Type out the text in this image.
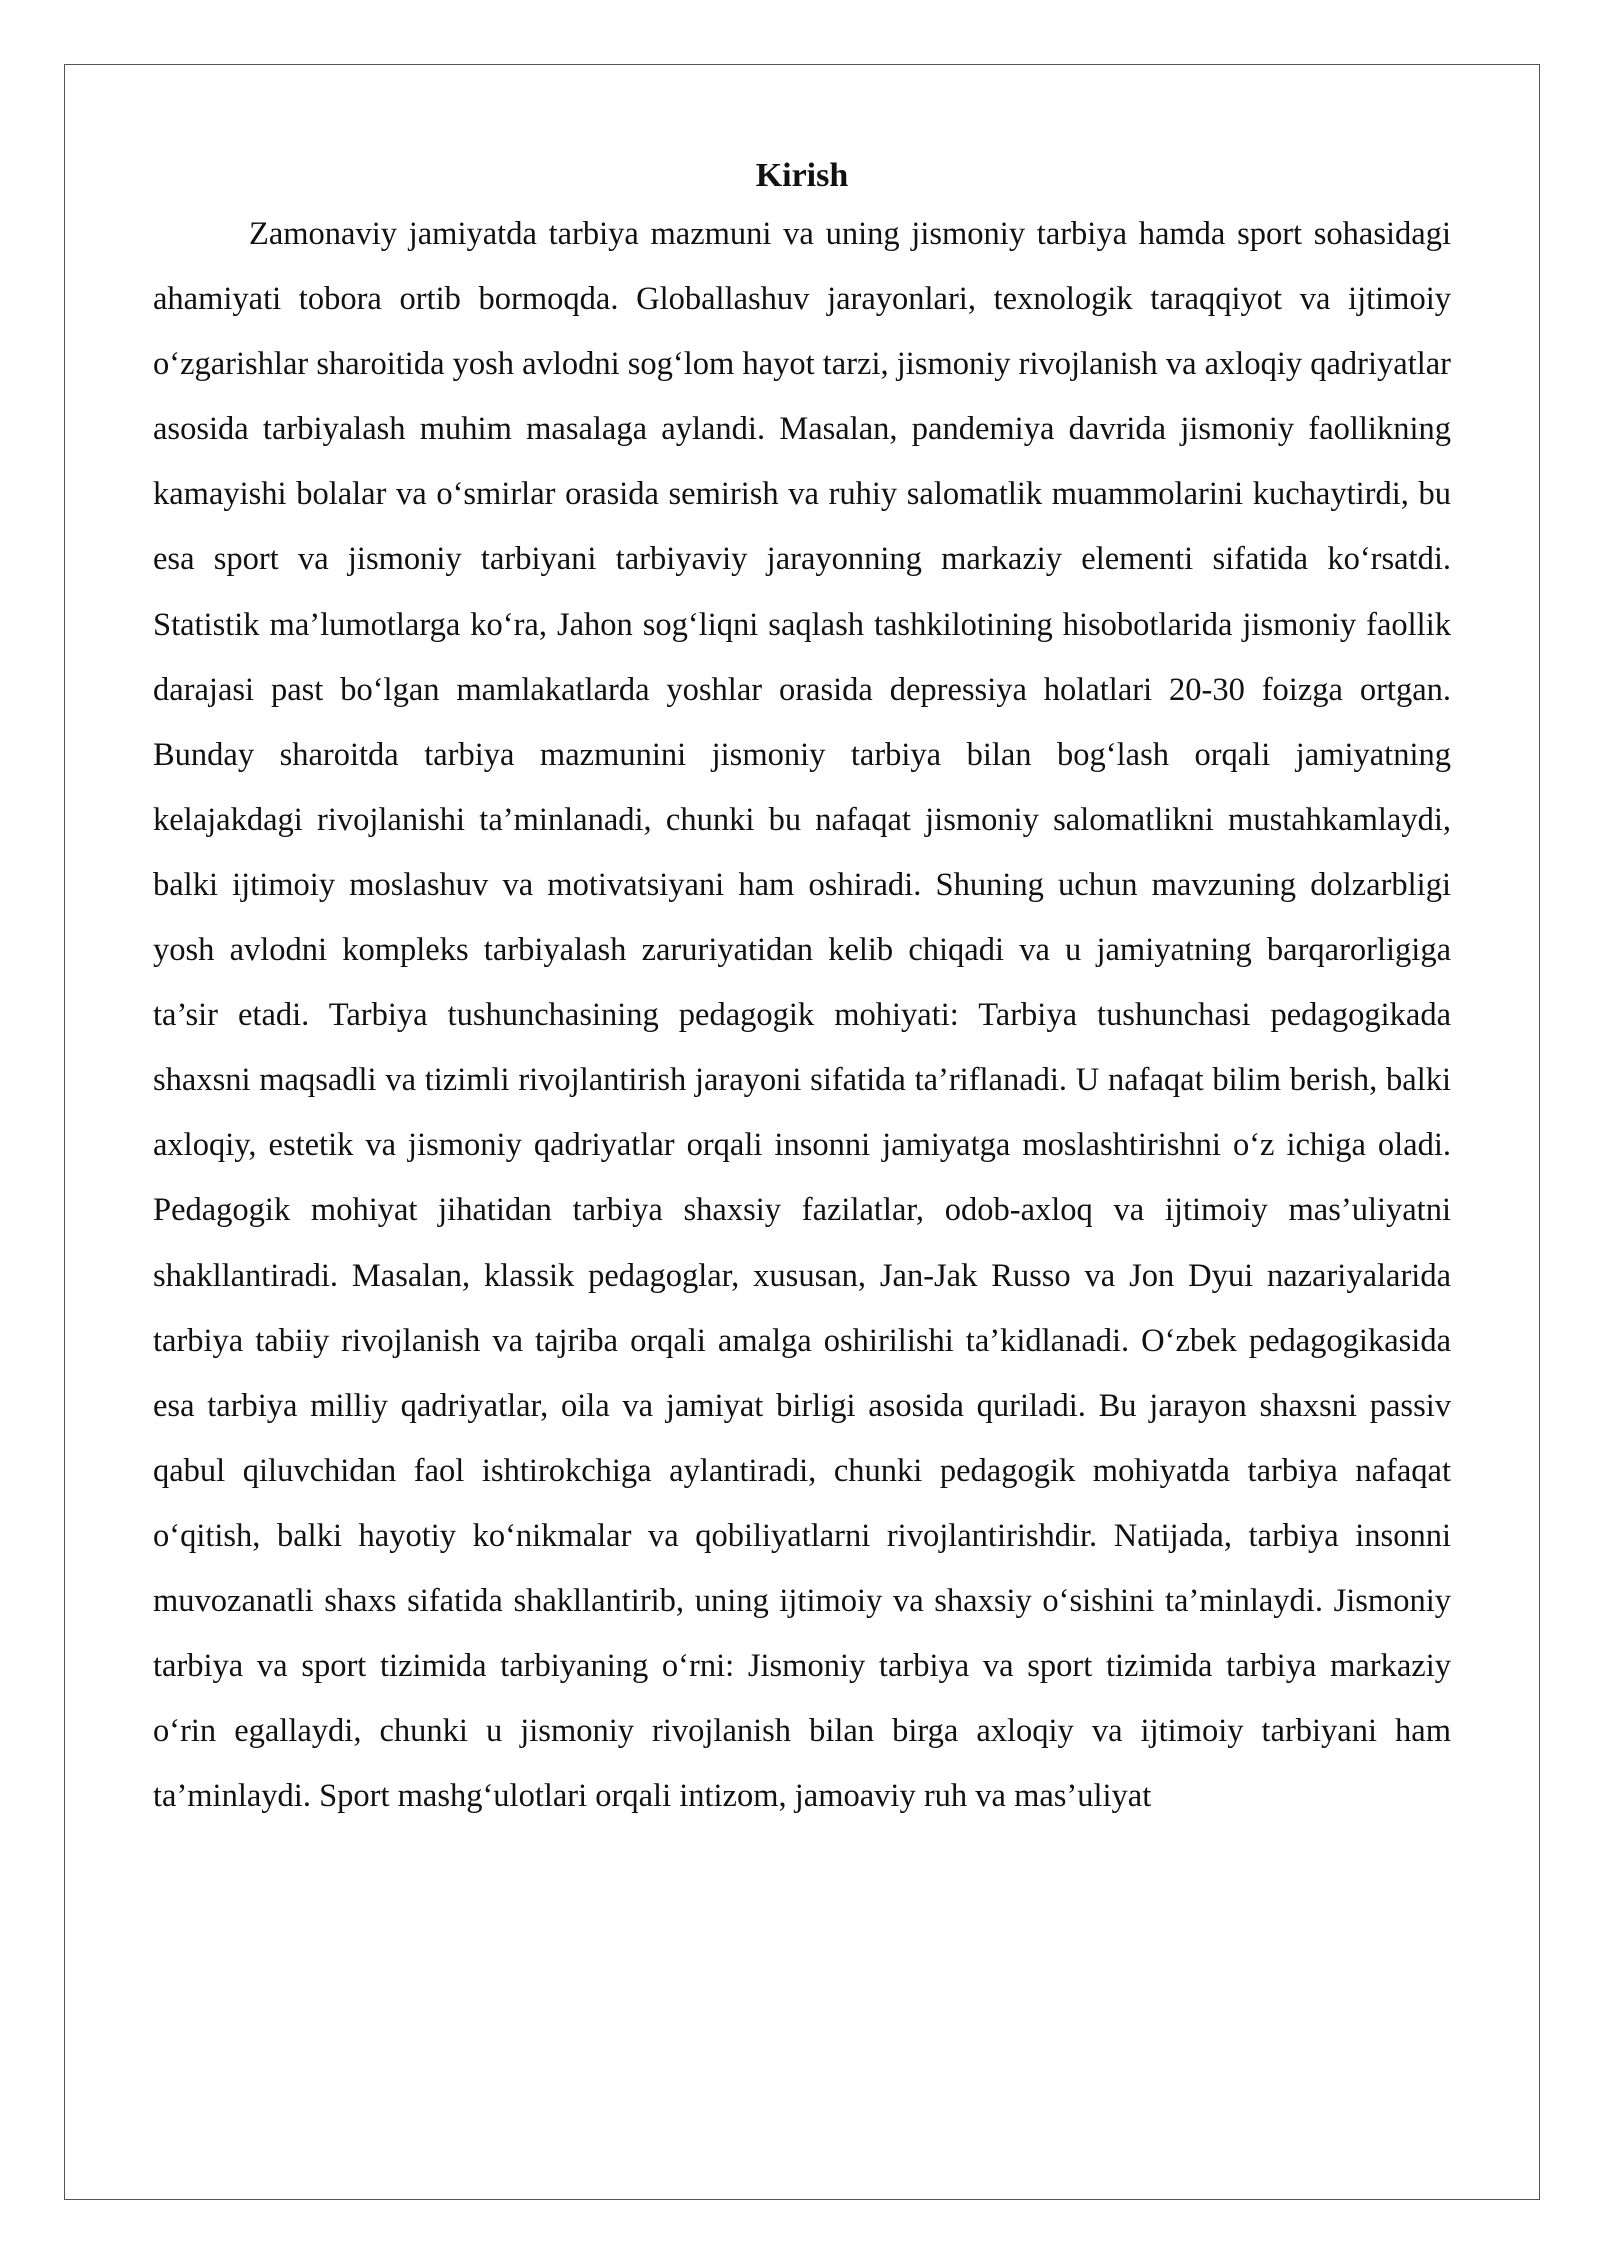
Kirish

Zamonaviy jamiyatda tarbiya mazmuni va uning jismoniy tarbiya hamda sport sohasidagi ahamiyati tobora ortib bormoqda. Globallashuv jarayonlari, texnologik taraqqiyot va ijtimoiy o‘zgarishlar sharoitida yosh avlodni sog‘lom hayot tarzi, jismoniy rivojlanish va axloqiy qadriyatlar asosida tarbiyalash muhim masalaga aylandi. Masalan, pandemiya davrida jismoniy faollikning kamayishi bolalar va o‘smirlar orasida semirish va ruhiy salomatlik muammolarini kuchaytirdi, bu esa sport va jismoniy tarbiyani tarbiyaviy jarayonning markaziy elementi sifatida ko‘rsatdi. Statistik ma’lumotlarga ko‘ra, Jahon sog‘liqni saqlash tashkilotining hisobotlarida jismoniy faollik darajasi past bo‘lgan mamlakatlarda yoshlar orasida depressiya holatlari 20-30 foizga ortgan. Bunday sharoitda tarbiya mazmunini jismoniy tarbiya bilan bog‘lash orqali jamiyatning kelajakdagi rivojlanishi ta’minlanadi, chunki bu nafaqat jismoniy salomatlikni mustahkamlaydi, balki ijtimoiy moslashuv va motivatsiyani ham oshiradi. Shuning uchun mavzuning dolzarbligi yosh avlodni kompleks tarbiyalash zaruriyatidan kelib chiqadi va u jamiyatning barqarorligiga ta’sir etadi. Tarbiya tushunchasining pedagogik mohiyati: Tarbiya tushunchasi pedagogikada shaxsni maqsadli va tizimli rivojlantirish jarayoni sifatida ta’riflanadi. U nafaqat bilim berish, balki axloqiy, estetik va jismoniy qadriyatlar orqali insonni jamiyatga moslashtirishni o‘z ichiga oladi. Pedagogik mohiyat jihatidan tarbiya shaxsiy fazilatlar, odob-axloq va ijtimoiy mas’uliyatni shakllantiradi. Masalan, klassik pedagoglar, xususan, Jan-Jak Russo va Jon Dyui nazariyalarida tarbiya tabiiy rivojlanish va tajriba orqali amalga oshirilishi ta’kidlanadi. O‘zbek pedagogikasida esa tarbiya milliy qadriyatlar, oila va jamiyat birligi asosida quriladi. Bu jarayon shaxsni passiv qabul qiluvchidan faol ishtirokchiga aylantiradi, chunki pedagogik mohiyatda tarbiya nafaqat o‘qitish, balki hayotiy ko‘nikmalar va qobiliyatlarni rivojlantirishdir. Natijada, tarbiya insonni muvozanatli shaxs sifatida shakllantirib, uning ijtimoiy va shaxsiy o‘sishini ta’minlaydi. Jismoniy tarbiya va sport tizimida tarbiyaning o‘rni: Jismoniy tarbiya va sport tizimida tarbiya markaziy o‘rin egallaydi, chunki u jismoniy rivojlanish bilan birga axloqiy va ijtimoiy tarbiyani ham ta’minlaydi. Sport mashg‘ulotlari orqali intizom, jamoaviy ruh va mas’uliyat
